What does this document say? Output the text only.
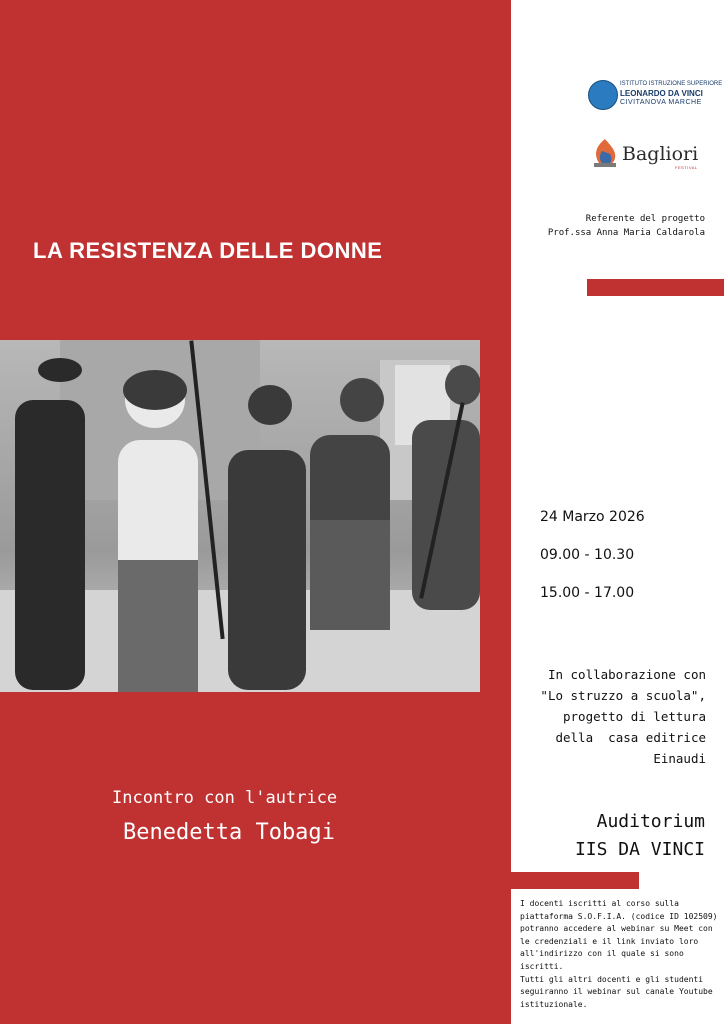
LA RESISTENZA DELLE DONNE
Incontro con l'autrice
Benedetta Tobagi
ISTITUTO ISTRUZIONE SUPERIORE
LEONARDO DA VINCI
CIVITANOVA MARCHE
Bagliori
FESTIVAL
Referente del progetto
Prof.ssa Anna Maria Caldarola
24 Marzo 2026
09.00 - 10.30
15.00 - 17.00
In collaborazione con
"Lo struzzo a scuola",
progetto di lettura
della  casa editrice
Einaudi
Auditorium
IIS DA VINCI
I docenti iscritti al corso sulla piattaforma S.O.F.I.A. (codice ID 102509) potranno accedere al webinar su Meet con le credenziali e il link inviato loro all'indirizzo con il quale si sono iscritti.
Tutti gli altri docenti e gli studenti seguiranno il webinar sul canale Youtube istituzionale.
